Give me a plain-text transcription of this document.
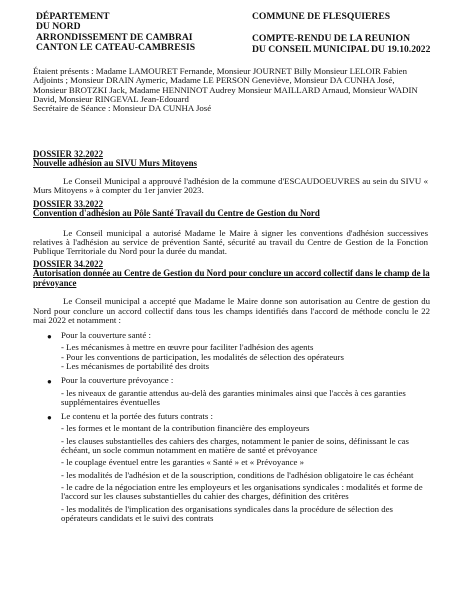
DÉPARTEMENT
DU NORD
ARRONDISSEMENT DE CAMBRAI
CANTON LE CATEAU-CAMBRESIS
COMMUNE DE FLESQUIERES
COMPTE-RENDU DE LA REUNION
DU CONSEIL MUNICIPAL DU 19.10.2022
Étaient présents : Madame LAMOURET Fernande, Monsieur JOURNET Billy Monsieur LELOIR Fabien Adjoints ; Monsieur DRAIN Aymeric, Madame LE PERSON Geneviève, Monsieur DA CUNHA José, Monsieur BROTZKI Jack, Madame HENNINOT Audrey Monsieur MAILLARD Arnaud, Monsieur WADIN David, Monsieur RINGEVAL Jean-Edouard
Secrétaire de Séance : Monsieur DA CUNHA José
DOSSIER 32.2022
Nouvelle adhésion au SIVU Murs Mitoyens
Le Conseil Municipal a approuvé l'adhésion de la commune d'ESCAUDOEUVRES au sein du SIVU « Murs Mitoyens » à compter du 1er janvier 2023.
DOSSIER 33.2022
Convention d'adhésion au Pôle Santé Travail du Centre de Gestion du Nord
Le Conseil municipal a autorisé Madame le Maire à signer les conventions d'adhésion successives relatives à l'adhésion au service de prévention Santé, sécurité au travail du Centre de Gestion de la Fonction Publique Territoriale du Nord pour la durée du mandat.
DOSSIER 34.2022
Autorisation donnée au Centre de Gestion du Nord pour conclure un accord collectif dans le champ de la prévoyance
Le Conseil municipal a accepté que Madame le Maire donne son autorisation au Centre de gestion du Nord pour conclure un accord collectif dans tous les champs identifiés dans l'accord de méthode conclu le 22 mai 2022 et notamment :
● Pour la couverture santé :
- Les mécanismes à mettre en œuvre pour faciliter l'adhésion des agents
- Pour les conventions de participation, les modalités de sélection des opérateurs
- Les mécanismes de portabilité des droits
● Pour la couverture prévoyance :
- les niveaux de garantie attendus au-delà des garanties minimales ainsi que l'accès à ces garanties supplémentaires éventuelles
● Le contenu et la portée des futurs contrats :
- les formes et le montant de la contribution financière des employeurs
- les clauses substantielles des cahiers des charges, notamment le panier de soins, définissant le cas échéant, un socle commun notamment en matière de santé et prévoyance
- le couplage éventuel entre les garanties « Santé » et « Prévoyance »
- les modalités de l'adhésion et de la souscription, conditions de l'adhésion obligatoire le cas échéant
- le cadre de la négociation entre les employeurs et les organisations syndicales : modalités et forme de l'accord sur les clauses substantielles du cahier des charges, définition des critères
- les modalités de l'implication des organisations syndicales dans la procédure de sélection des opérateurs candidats et le suivi des contrats
